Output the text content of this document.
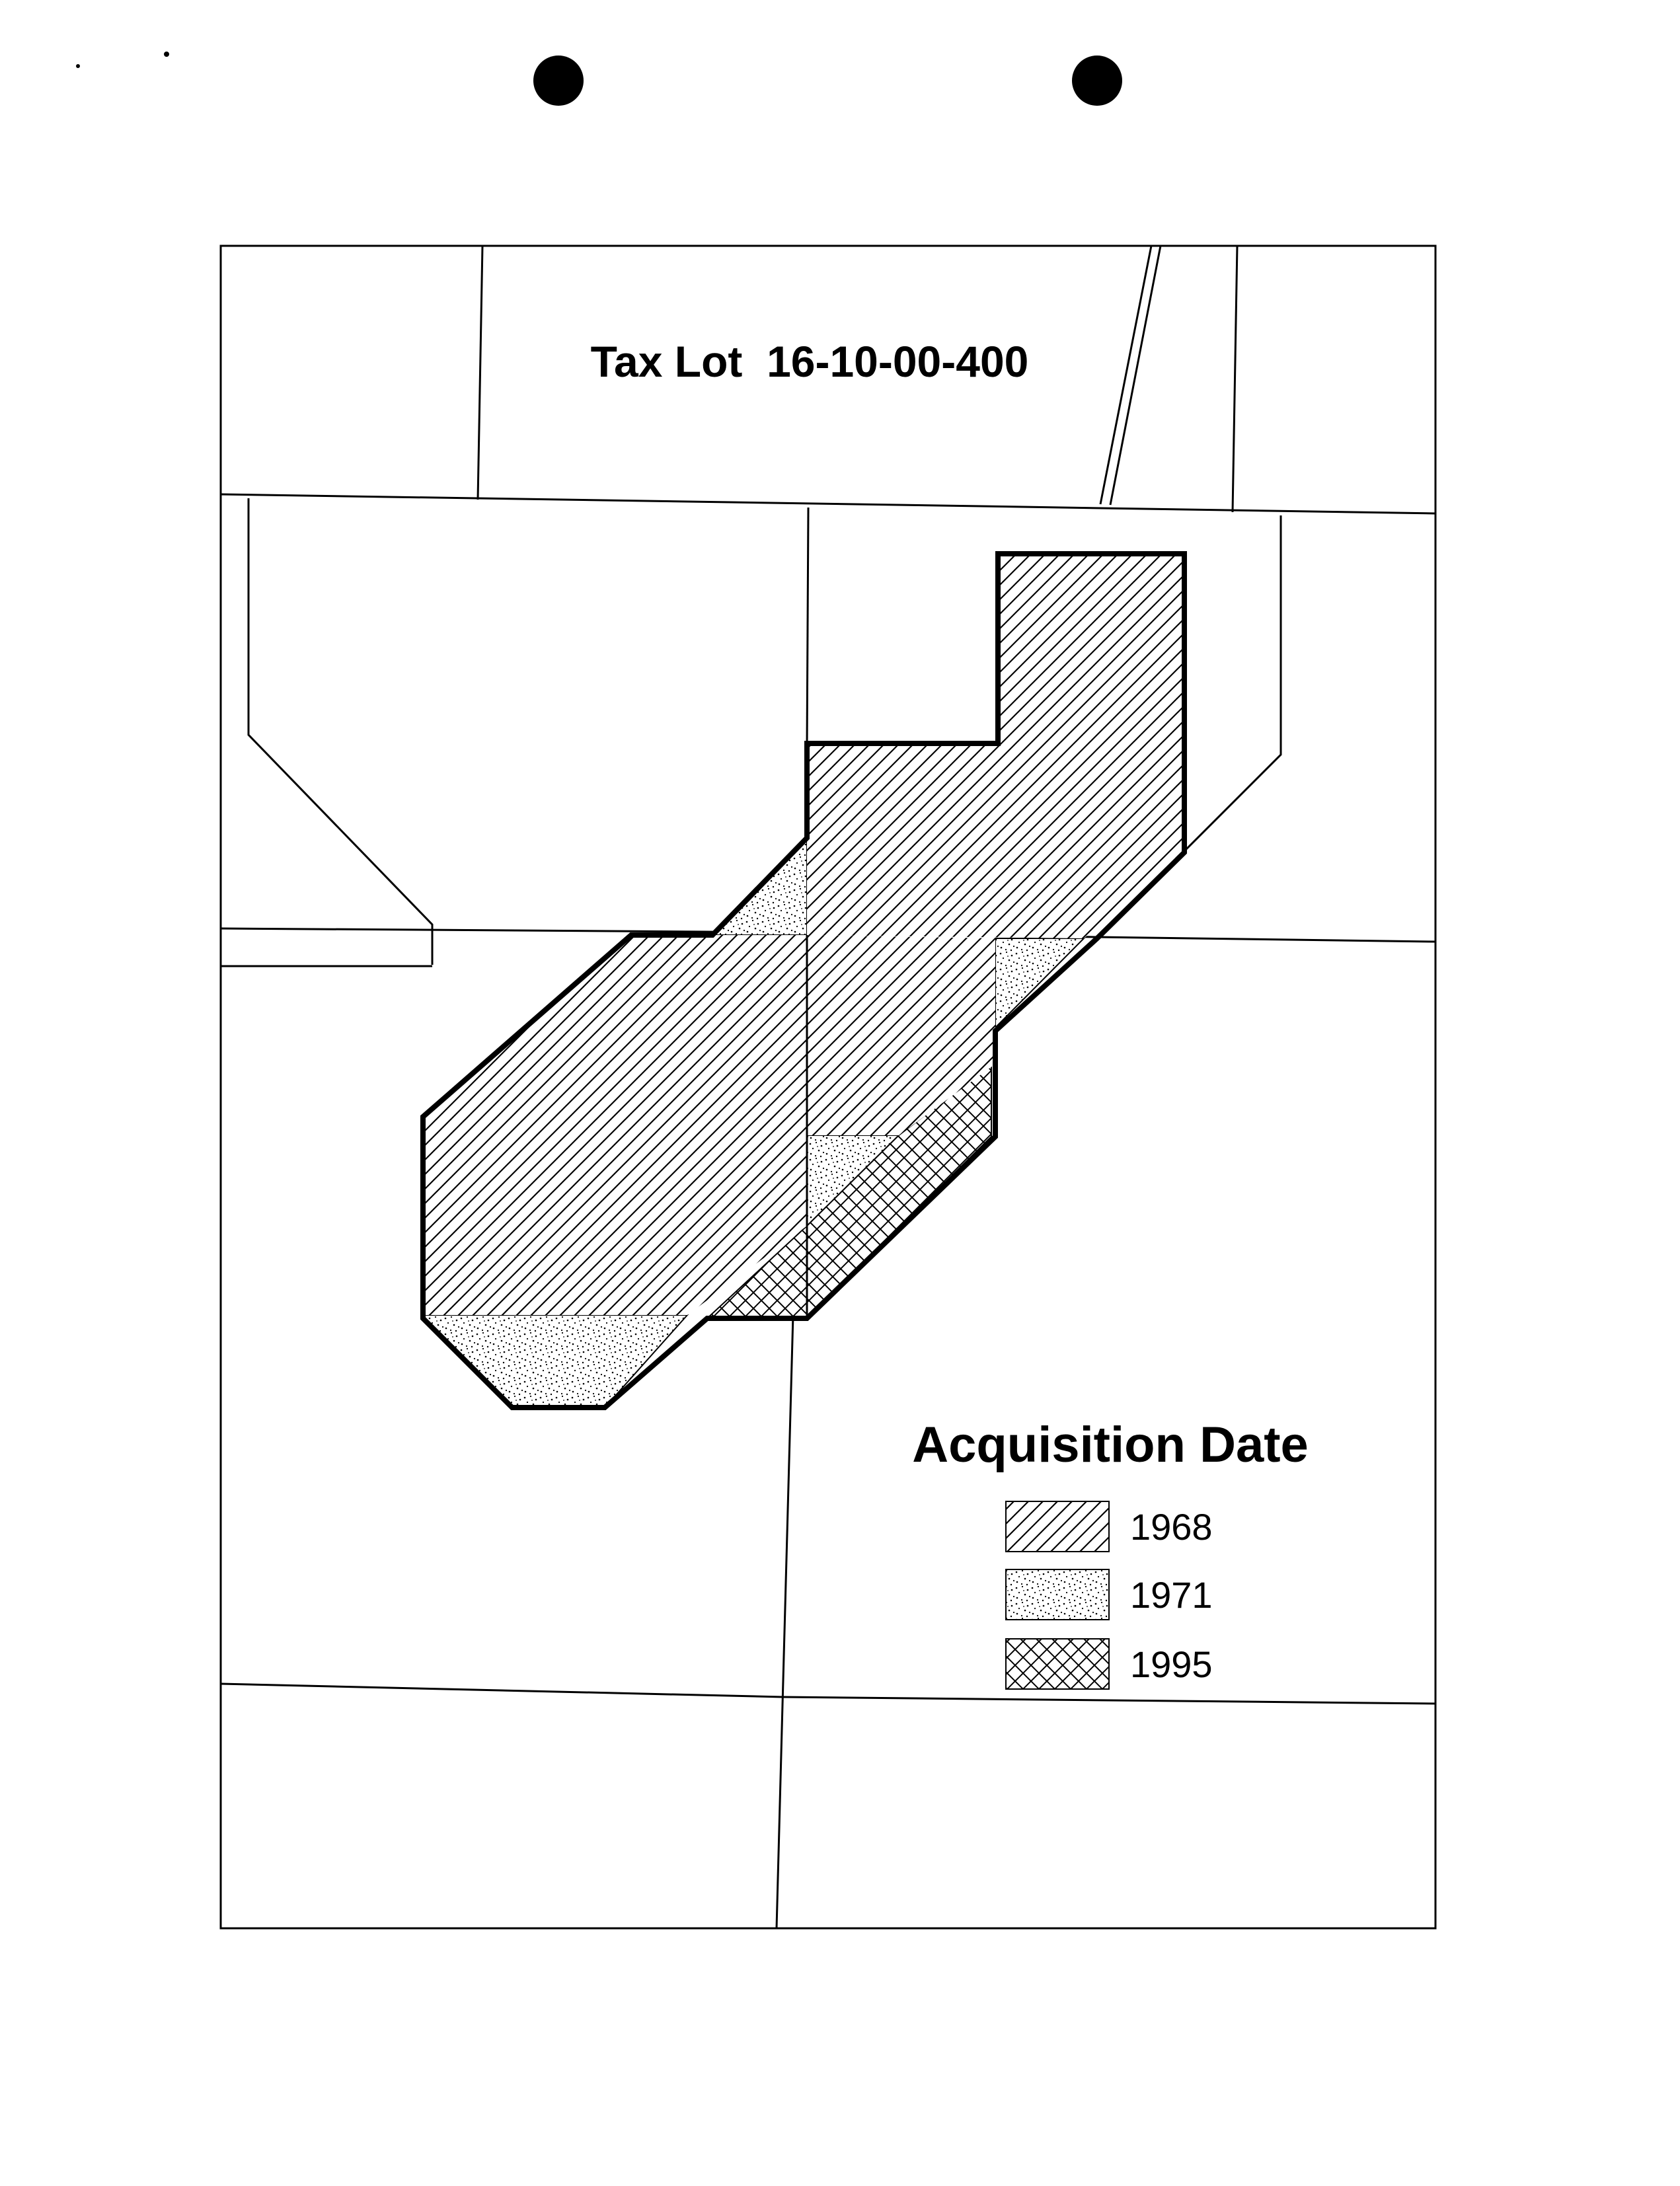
Tax Lot  16-10-00-400
Acquisition Date
1968
1971
1995
